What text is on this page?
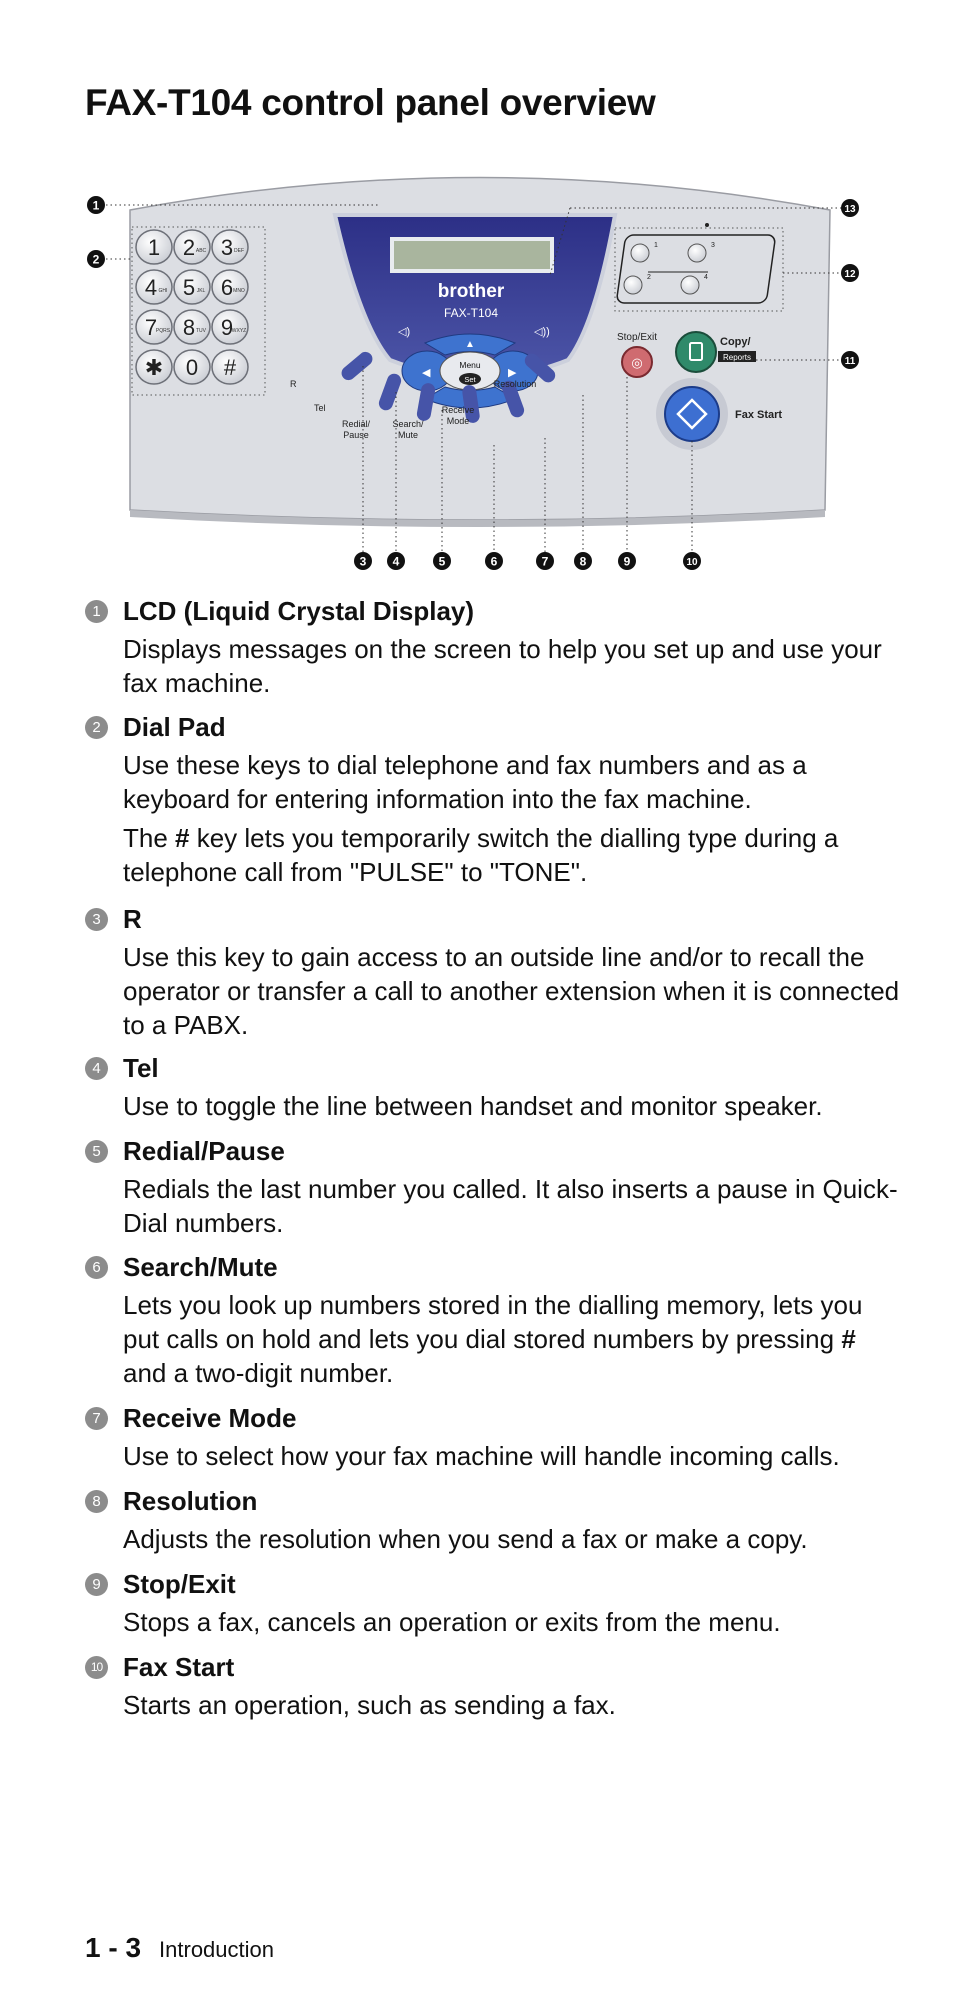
FAX-T104 control panel overview
brother
FAX-T104
◁)	◁))
◀	▶
▲
Menu
Set
1 2 ABC 3 DEF
4 GHI 5 JKL 6 MNO
7
PQRS 8 TUV 9
WXYZ
✱ 0 #
R
Tel
Redial/
Pause
Search/
Mute
Receive
Mode
Resolution
1	3
2	4
Stop/Exit
◎
Copy/
Reports
Fax Start
1
2
3 4	5	6	7	8	9	10
11
12
13
1 LCD (Liquid Crystal Display)

Displays messages on the screen to help you set up and use your fax machine.

2 Dial Pad

Use these keys to dial telephone and fax numbers and as a keyboard for entering information into the fax machine.

The # key lets you temporarily switch the dialling type during a telephone call from "PULSE" to "TONE".

3 R

Use this key to gain access to an outside line and/or to recall the operator or transfer a call to another extension when it is connected to a PABX.

4 Tel

Use to toggle the line between handset and monitor speaker.

5 Redial/Pause

Redials the last number you called. It also inserts a pause in Quick-Dial numbers.

6 Search/Mute

Lets you look up numbers stored in the dialling memory, lets you put calls on hold and lets you dial stored numbers by pressing # and a two-digit number.

7 Receive Mode

Use to select how your fax machine will handle incoming calls.

8 Resolution

Adjusts the resolution when you send a fax or make a copy.

9 Stop/Exit

Stops a fax, cancels an operation or exits from the menu.

10 Fax Start

Starts an operation, such as sending a fax.

1 - 3 Introduction
